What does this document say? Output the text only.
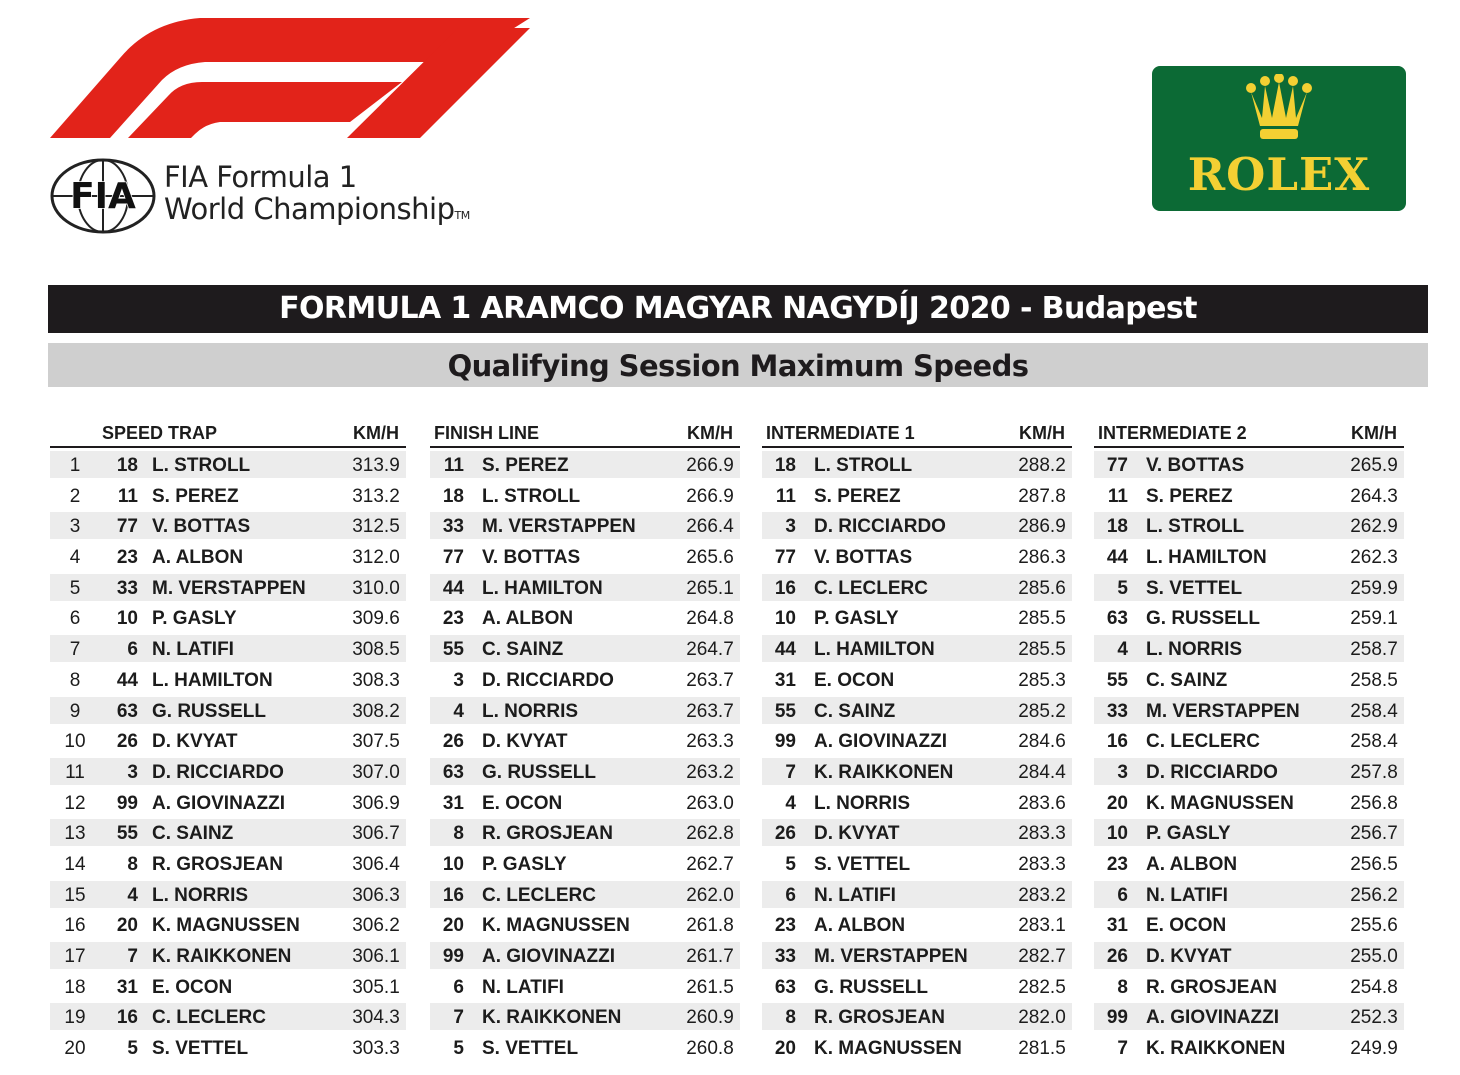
FIA FIA Formula 1
World ChampionshipTM
ROLEX
FORMULA 1 ARAMCO MAGYAR NAGYDÍJ 2020 - Budapest
Qualifying Session Maximum Speeds
SPEED TRAP	KM/H
1	18 L. STROLL	313.9
2	11 S. PEREZ	313.2
3	77 V. BOTTAS	312.5
4	23 A. ALBON	312.0
5	33 M. VERSTAPPEN	310.0
6	10 P. GASLY	309.6
7	6 N. LATIFI	308.5
8	44 L. HAMILTON	308.3
9	63 G. RUSSELL	308.2
10	26 D. KVYAT	307.5
11	3 D. RICCIARDO	307.0
12	99 A. GIOVINAZZI	306.9
13	55 C. SAINZ	306.7
14	8 R. GROSJEAN	306.4
15	4 L. NORRIS	306.3
16	20 K. MAGNUSSEN	306.2
17	7 K. RAIKKONEN	306.1
18	31 E. OCON	305.1
19	16 C. LECLERC	304.3
20	5 S. VETTEL	303.3
FINISH LINE	KM/H
11 S. PEREZ	266.9
18 L. STROLL	266.9
33 M. VERSTAPPEN	266.4
77 V. BOTTAS	265.6
44 L. HAMILTON	265.1
23 A. ALBON	264.8
55 C. SAINZ	264.7
3 D. RICCIARDO	263.7
4 L. NORRIS	263.7
26 D. KVYAT	263.3
63 G. RUSSELL	263.2
31 E. OCON	263.0
8 R. GROSJEAN	262.8
10 P. GASLY	262.7
16 C. LECLERC	262.0
20 K. MAGNUSSEN	261.8
99 A. GIOVINAZZI	261.7
6 N. LATIFI	261.5
7 K. RAIKKONEN	260.9
5 S. VETTEL	260.8
INTERMEDIATE 1	KM/H
18 L. STROLL	288.2
11 S. PEREZ	287.8
3 D. RICCIARDO	286.9
77 V. BOTTAS	286.3
16 C. LECLERC	285.6
10 P. GASLY	285.5
44 L. HAMILTON	285.5
31 E. OCON	285.3
55 C. SAINZ	285.2
99 A. GIOVINAZZI	284.6
7 K. RAIKKONEN	284.4
4 L. NORRIS	283.6
26 D. KVYAT	283.3
5 S. VETTEL	283.3
6 N. LATIFI	283.2
23 A. ALBON	283.1
33 M. VERSTAPPEN	282.7
63 G. RUSSELL	282.5
8 R. GROSJEAN	282.0
20 K. MAGNUSSEN	281.5
INTERMEDIATE 2	KM/H
77 V. BOTTAS	265.9
11 S. PEREZ	264.3
18 L. STROLL	262.9
44 L. HAMILTON	262.3
5 S. VETTEL	259.9
63 G. RUSSELL	259.1
4 L. NORRIS	258.7
55 C. SAINZ	258.5
33 M. VERSTAPPEN	258.4
16 C. LECLERC	258.4
3 D. RICCIARDO	257.8
20 K. MAGNUSSEN	256.8
10 P. GASLY	256.7
23 A. ALBON	256.5
6 N. LATIFI	256.2
31 E. OCON	255.6
26 D. KVYAT	255.0
8 R. GROSJEAN	254.8
99 A. GIOVINAZZI	252.3
7 K. RAIKKONEN	249.9
